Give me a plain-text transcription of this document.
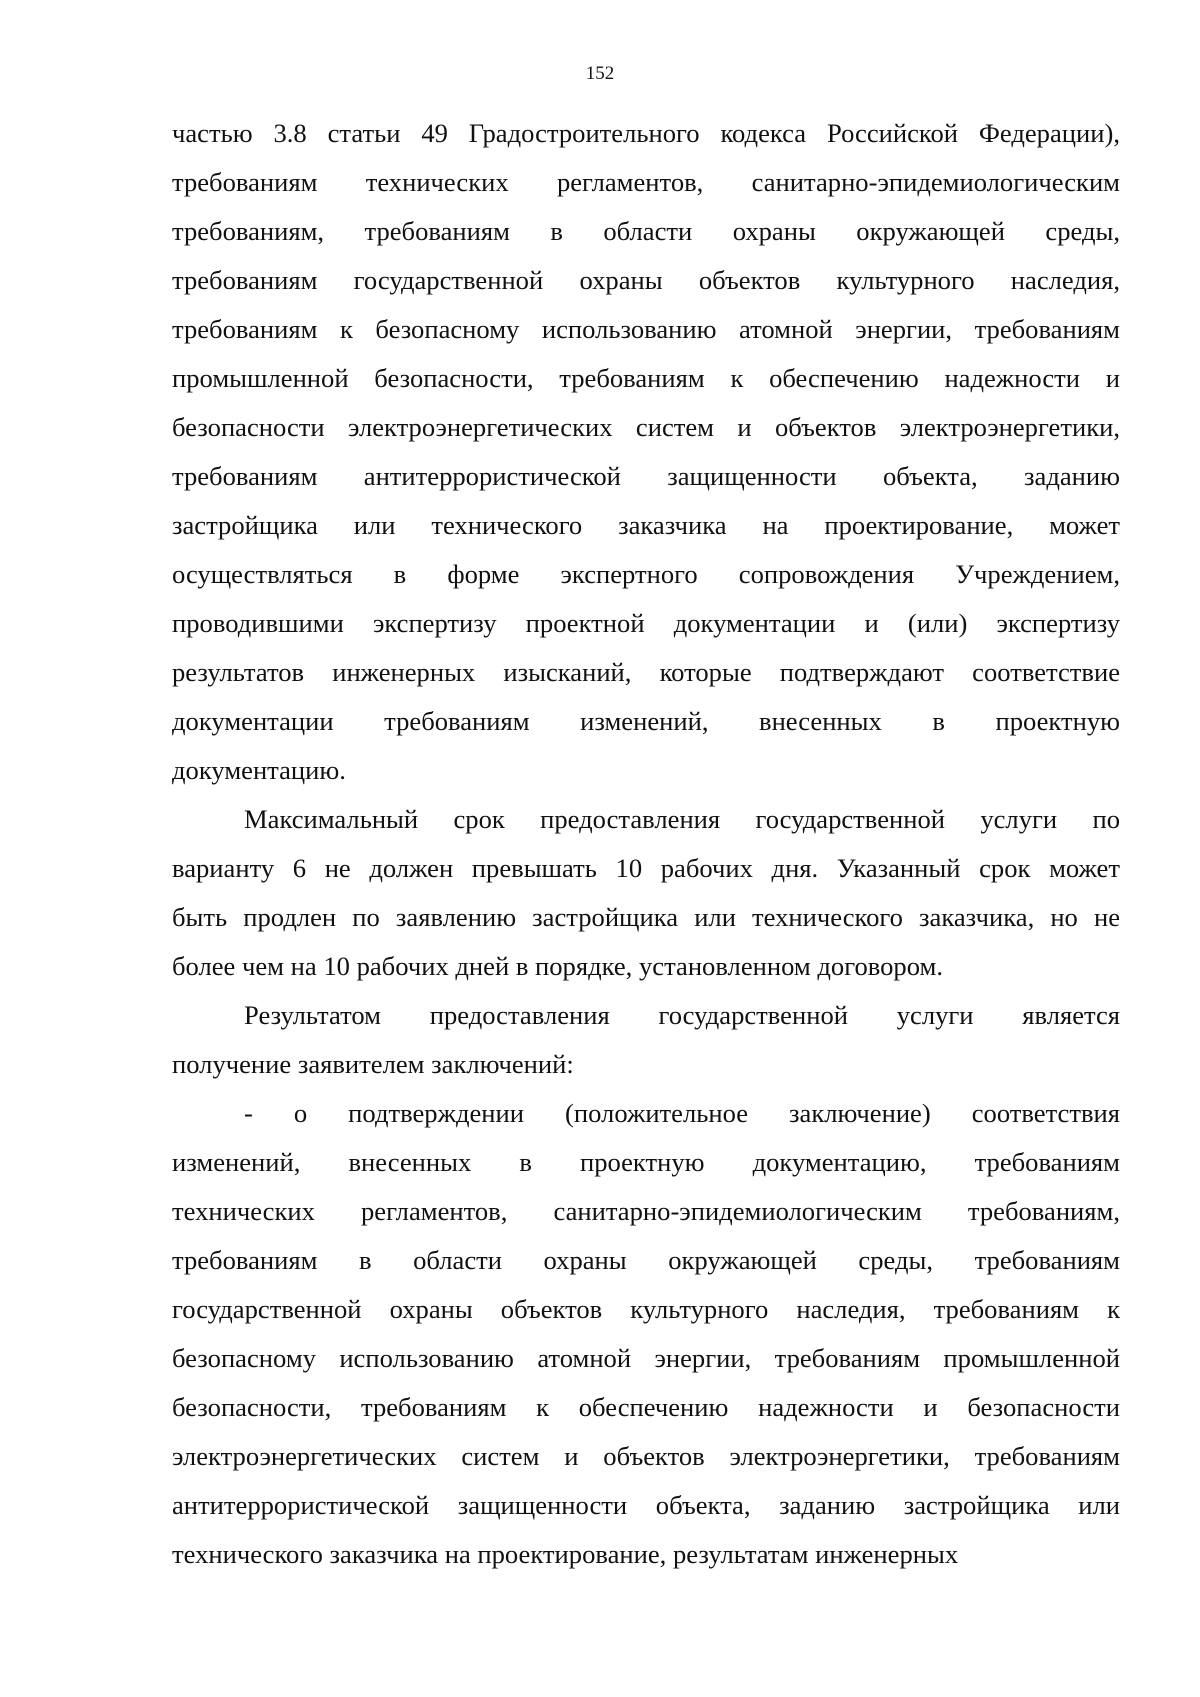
152
частью 3.8 статьи 49 Градостроительного кодекса Российской Федерации),
требованиям технических регламентов, санитарно-эпидемиологическим
требованиям, требованиям в области охраны окружающей среды,
требованиям государственной охраны объектов культурного наследия,
требованиям к безопасному использованию атомной энергии, требованиям
промышленной безопасности, требованиям к обеспечению надежности и
безопасности электроэнергетических систем и объектов электроэнергетики,
требованиям антитеррористической защищенности объекта, заданию
застройщика или технического заказчика на проектирование, может
осуществляться в форме экспертного сопровождения Учреждением,
проводившими экспертизу проектной документации и (или) экспертизу
результатов инженерных изысканий, которые подтверждают соответствие
документации требованиям изменений, внесенных в проектную
документацию.
Максимальный срок предоставления государственной услуги по
варианту 6 не должен превышать 10 рабочих дня. Указанный срок может
быть продлен по заявлению застройщика или технического заказчика, но не
более чем на 10 рабочих дней в порядке, установленном договором.
Результатом предоставления государственной услуги является
получение заявителем заключений:
- о подтверждении (положительное заключение) соответствия
изменений, внесенных в проектную документацию, требованиям
технических регламентов, санитарно-эпидемиологическим требованиям,
требованиям в области охраны окружающей среды, требованиям
государственной охраны объектов культурного наследия, требованиям к
безопасному использованию атомной энергии, требованиям промышленной
безопасности, требованиям к обеспечению надежности и безопасности
электроэнергетических систем и объектов электроэнергетики, требованиям
антитеррористической защищенности объекта, заданию застройщика или
технического заказчика на проектирование, результатам инженерных
